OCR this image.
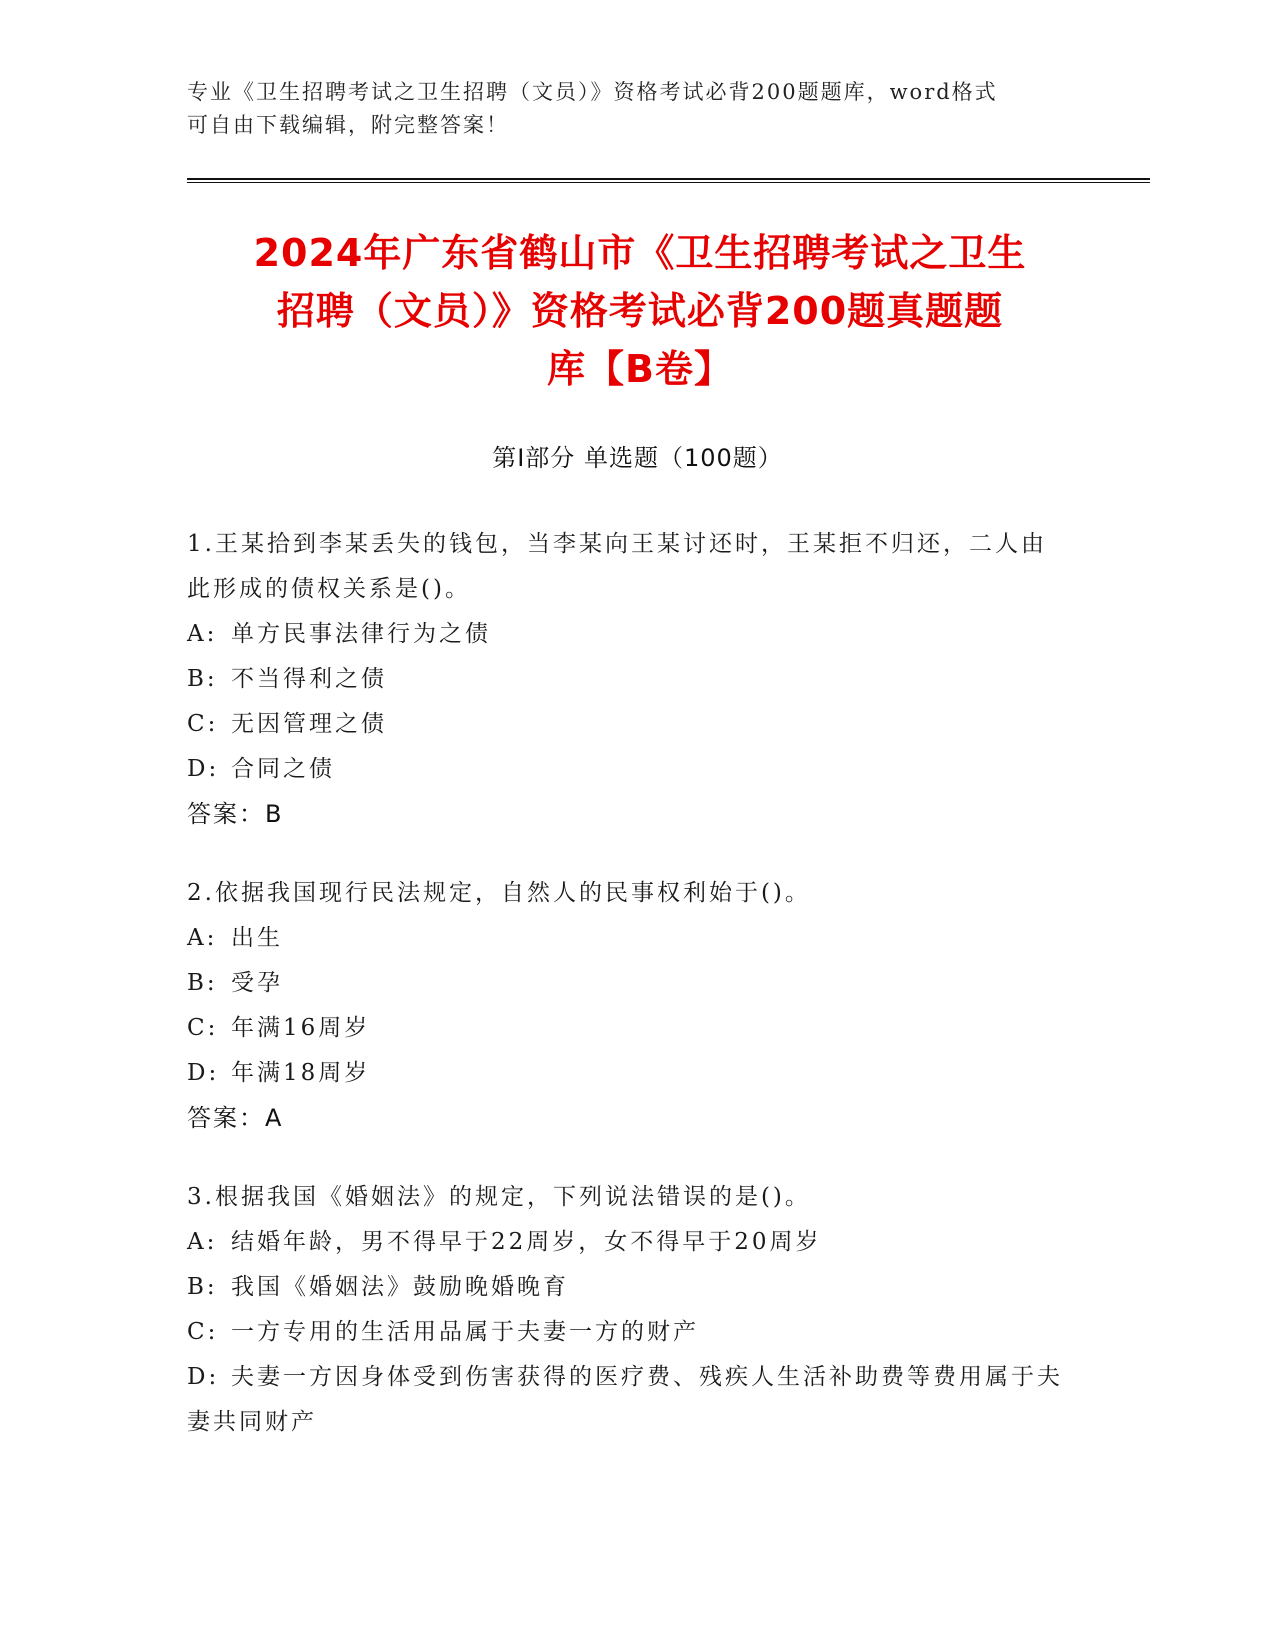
专业《卫生招聘考试之卫生招聘（文员）》资格考试必背200题题库，word格式
可自由下载编辑，附完整答案！
2024年广东省鹤山市《卫生招聘考试之卫生
招聘（文员）》资格考试必背200题真题题
库【B卷】
第Ⅰ部分 单选题（100题）
1.王某拾到李某丢失的钱包，当李某向王某讨还时，王某拒不归还，二人由此形成的债权关系是()。
A: 单方民事法律行为之债
B: 不当得利之债
C: 无因管理之债
D: 合同之债
答案：B
2.依据我国现行民法规定，自然人的民事权利始于()。
A: 出生
B: 受孕
C: 年满16周岁
D: 年满18周岁
答案：A
3.根据我国《婚姻法》的规定，下列说法错误的是()。
A: 结婚年龄，男不得早于22周岁，女不得早于20周岁
B: 我国《婚姻法》鼓励晚婚晚育
C: 一方专用的生活用品属于夫妻一方的财产
D: 夫妻一方因身体受到伤害获得的医疗费、残疾人生活补助费等费用属于夫妻共同财产
